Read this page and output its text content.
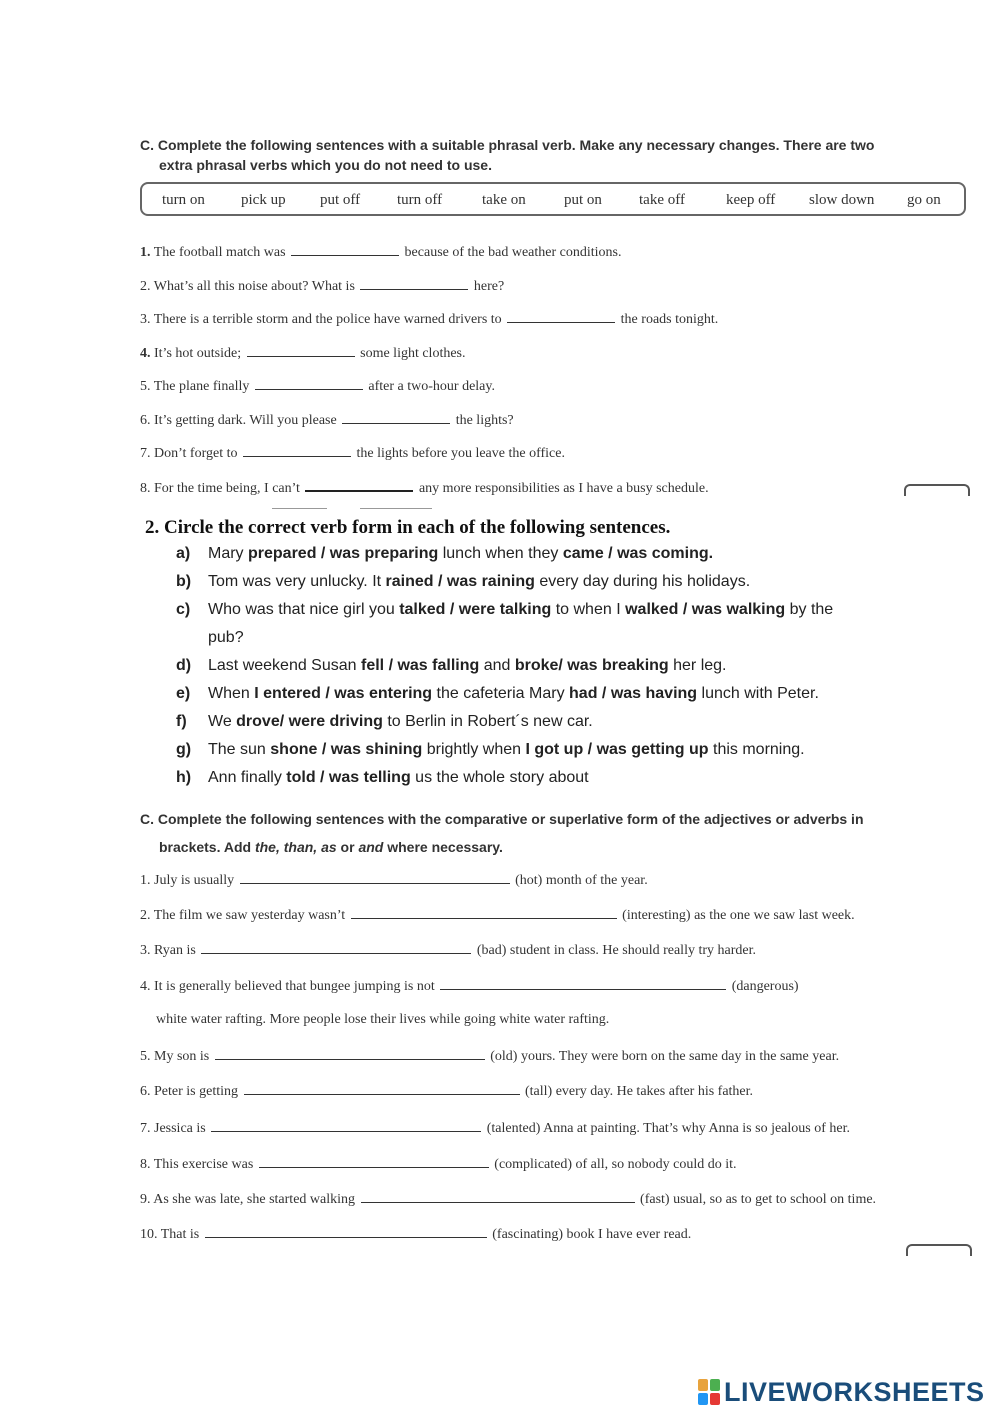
C. Complete the following sentences with a suitable phrasal verb. Make any necessary changes. There are two
extra phrasal verbs which you do not need to use.
turn on pick up put off turn off	take on	put on take off	keep off slow down go on
1. The football match was	because of the bad weather conditions.
2. What’s all this noise about? What is	here?
3. There is a terrible storm and the police have warned drivers to	the roads tonight.
4. It’s hot outside;	some light clothes.
5. The plane finally	after a two-hour delay.
6. It’s getting dark. Will you please	the lights?
7. Don’t forget to	the lights before you leave the office.
8. For the time being, I can’t	any more responsibilities as I have a busy schedule.
2. Circle the correct verb form in each of the following sentences.
a) Mary prepared / was preparing lunch when they came / was coming.
b) Tom was very unlucky. It rained / was raining every day during his holidays.
c) Who was that nice girl you talked / were talking to when I walked / was walking by the
pub?
d) Last weekend Susan fell / was falling and broke/ was breaking her leg.
e) When I entered / was entering the cafeteria Mary had / was having lunch with Peter.
f) We drove/ were driving to Berlin in Robert´s new car.
g) The sun shone / was shining brightly when I got up / was getting up this morning.
h) Ann finally told / was telling us the whole story about
C. Complete the following sentences with the comparative or superlative form of the adjectives or adverbs in
brackets. Add the, than, as or and where necessary.
1. July is usually	(hot) month of the year.
2. The film we saw yesterday wasn’t	(interesting) as the one we saw last week.
3. Ryan is	(bad) student in class. He should really try harder.
4. It is generally believed that bungee jumping is not	(dangerous)
white water rafting. More people lose their lives while going white water rafting.
5. My son is	(old) yours. They were born on the same day in the same year.
6. Peter is getting	(tall) every day. He takes after his father.
7. Jessica is	(talented) Anna at painting. That’s why Anna is so jealous of her.
8. This exercise was	(complicated) of all, so nobody could do it.
9. As she was late, she started walking	(fast) usual, so as to get to school on time.
10. That is	(fascinating) book I have ever read.
LIVEWORKSHEETS
